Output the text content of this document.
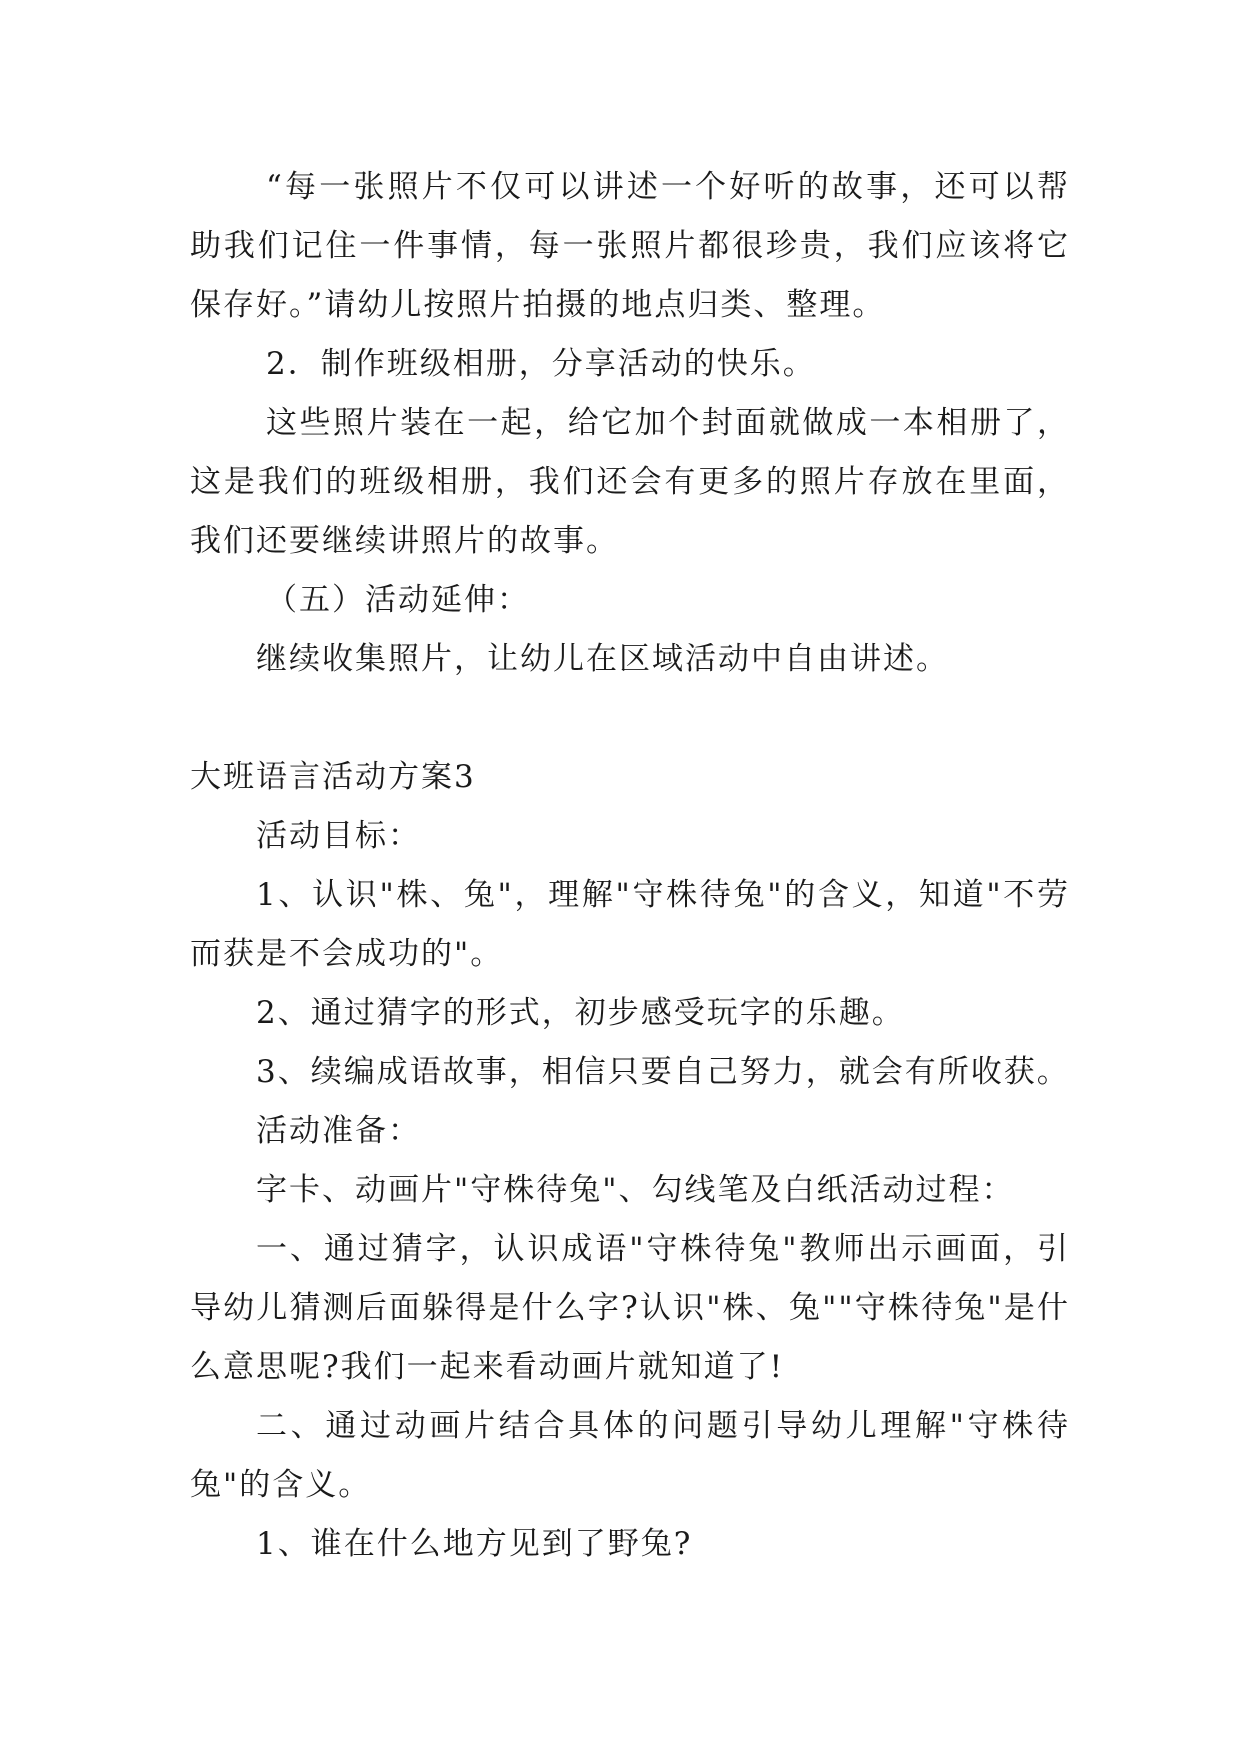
“每一张照片不仅可以讲述一个好听的故事，还可以帮助我们记住一件事情，每一张照片都很珍贵，我们应该将它保存好。”请幼儿按照片拍摄的地点归类、整理。

2．制作班级相册，分享活动的快乐。

这些照片装在一起，给它加个封面就做成一本相册了，这是我们的班级相册，我们还会有更多的照片存放在里面，我们还要继续讲照片的故事。

（五）活动延伸：

继续收集照片，让幼儿在区域活动中自由讲述。

大班语言活动方案3

活动目标：

1、认识"株、兔"，理解"守株待兔"的含义，知道"不劳而获是不会成功的"。

2、通过猜字的形式，初步感受玩字的乐趣。

3、续编成语故事，相信只要自己努力，就会有所收获。

活动准备：

字卡、动画片"守株待兔"、勾线笔及白纸活动过程：

一、通过猜字，认识成语"守株待兔"教师出示画面，引导幼儿猜测后面躲得是什么字?认识"株、兔""守株待兔"是什么意思呢?我们一起来看动画片就知道了!

二、通过动画片结合具体的问题引导幼儿理解"守株待兔"的含义。

1、谁在什么地方见到了野兔?
